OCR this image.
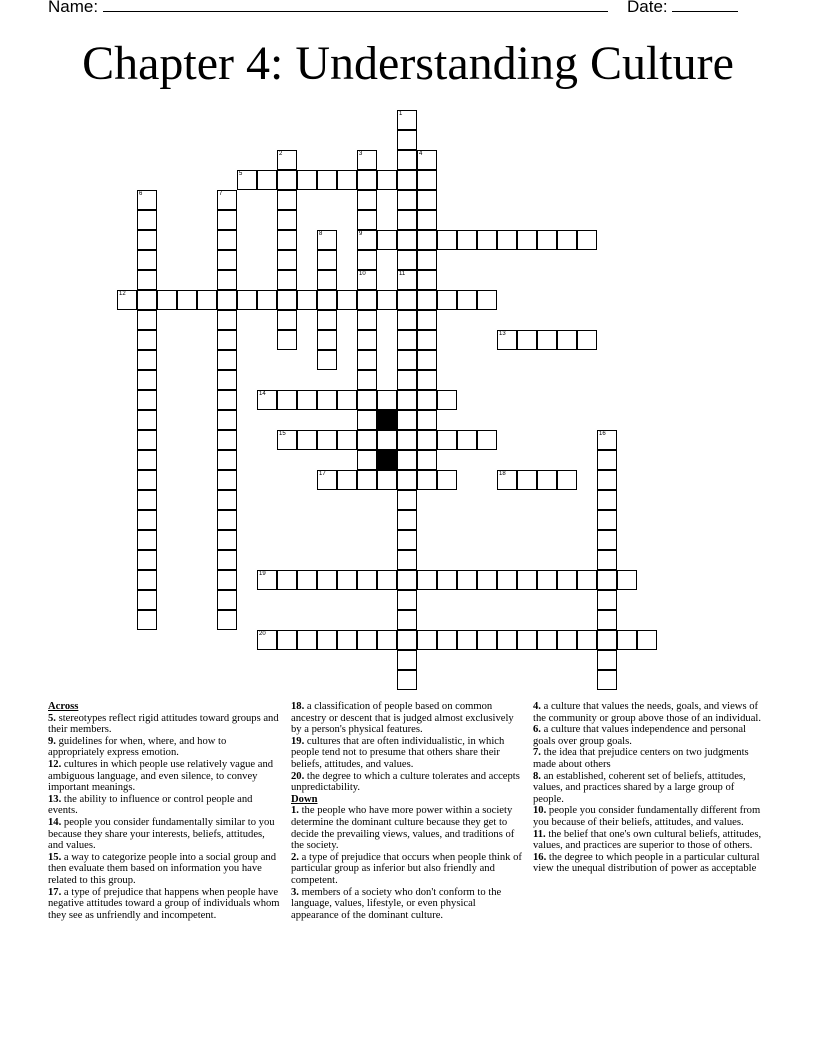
Name:	Date:
Chapter 4: Understanding Culture
1
11
2	3
9
10
4
5
6	7
8
12
13
14
15	16
17	18
19
20
Across
5. stereotypes reflect rigid attitudes toward groups and their members.
9. guidelines for when, where, and how to appropriately express emotion.
12. cultures in which people use relatively vague and ambiguous language, and even silence, to convey important meanings.
13. the ability to influence or control people and events.
14. people you consider fundamentally similar to you because they share your interests, beliefs, attitudes, and values.
15. a way to categorize people into a social group and then evaluate them based on information you have related to this group.
17. a type of prejudice that happens when people have negative attitudes toward a group of individuals whom they see as unfriendly and incompetent.
18. a classification of people based on common ancestry or descent that is judged almost exclusively by a person's physical features.
19. cultures that are often individualistic, in which people tend not to presume that others share their beliefs, attitudes, and values.
20. the degree to which a culture tolerates and accepts unpredictability.
Down
1. the people who have more power within a society determine the dominant culture because they get to decide the prevailing views, values, and traditions of the society.
2. a type of prejudice that occurs when people think of particular group as inferior but also friendly and competent.
3. members of a society who don't conform to the language, values, lifestyle, or even physical appearance of the dominant culture.
4. a culture that values the needs, goals, and views of the community or group above those of an individual.
6. a culture that values independence and personal goals over group goals.
7. the idea that prejudice centers on two judgments made about others
8. an established, coherent set of beliefs, attitudes, values, and practices shared by a large group of people.
10. people you consider fundamentally different from you because of their beliefs, attitudes, and values.
11. the belief that one's own cultural beliefs, attitudes, values, and practices are superior to those of others.
16. the degree to which people in a particular cultural view the unequal distribution of power as acceptable
